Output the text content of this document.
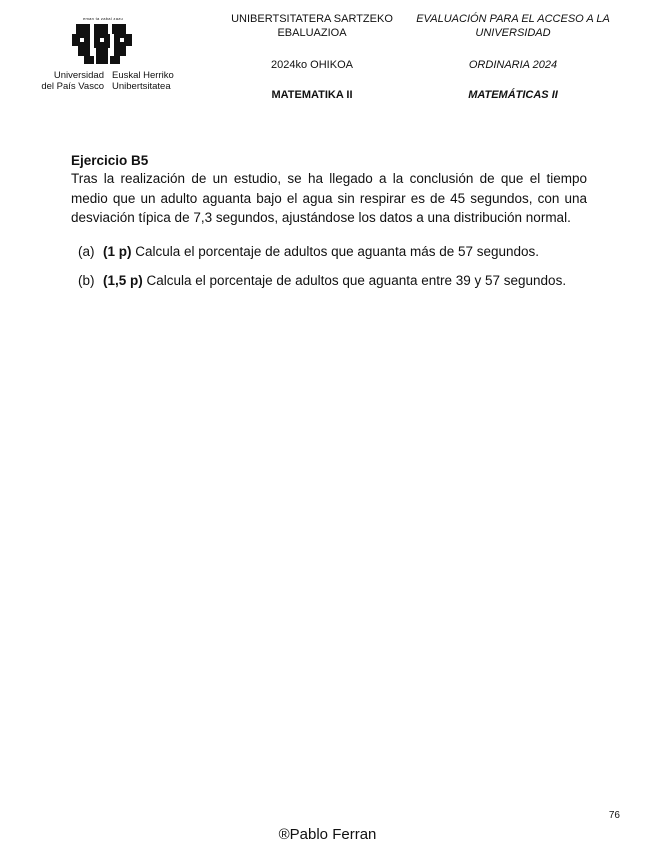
eman ta zabal zazu
Universidad
del País Vasco
Euskal Herriko
Unibertsitatea
UNIBERTSITATERA SARTZEKO
EBALUAZIOA
2024ko OHIKOA
MATEMATIKA II
EVALUACIÓN PARA EL ACCESO A LA
UNIVERSIDAD
ORDINARIA 2024
MATEMÁTICAS II
Ejercicio B5

Tras la realización de un estudio, se ha llegado a la conclusión de que el tiempo medio que un adulto aguanta bajo el agua sin respirar es de 45 segundos, con una desviación típica de 7,3 segundos, ajustándose los datos a una distribución normal.

(a) (1 p) Calcula el porcentaje de adultos que aguanta más de 57 segundos.
(b) (1,5 p) Calcula el porcentaje de adultos que aguanta entre 39 y 57 segundos.
76
®Pablo Ferran
